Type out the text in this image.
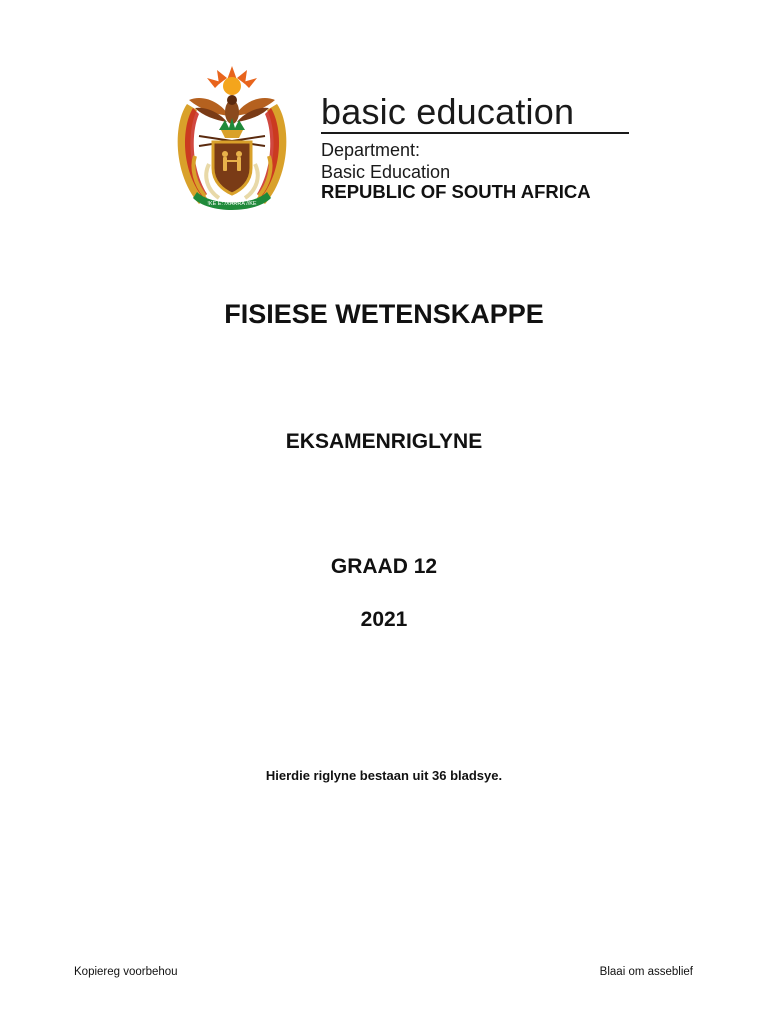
!KE E: /XARRA //KE
basic education
Department:
Basic Education
REPUBLIC OF SOUTH AFRICA
FISIESE WETENSKAPPE
EKSAMENRIGLYNE
GRAAD 12
2021
Hierdie riglyne bestaan uit 36 bladsye.
Kopiereg voorbehou	Blaai om asseblief
